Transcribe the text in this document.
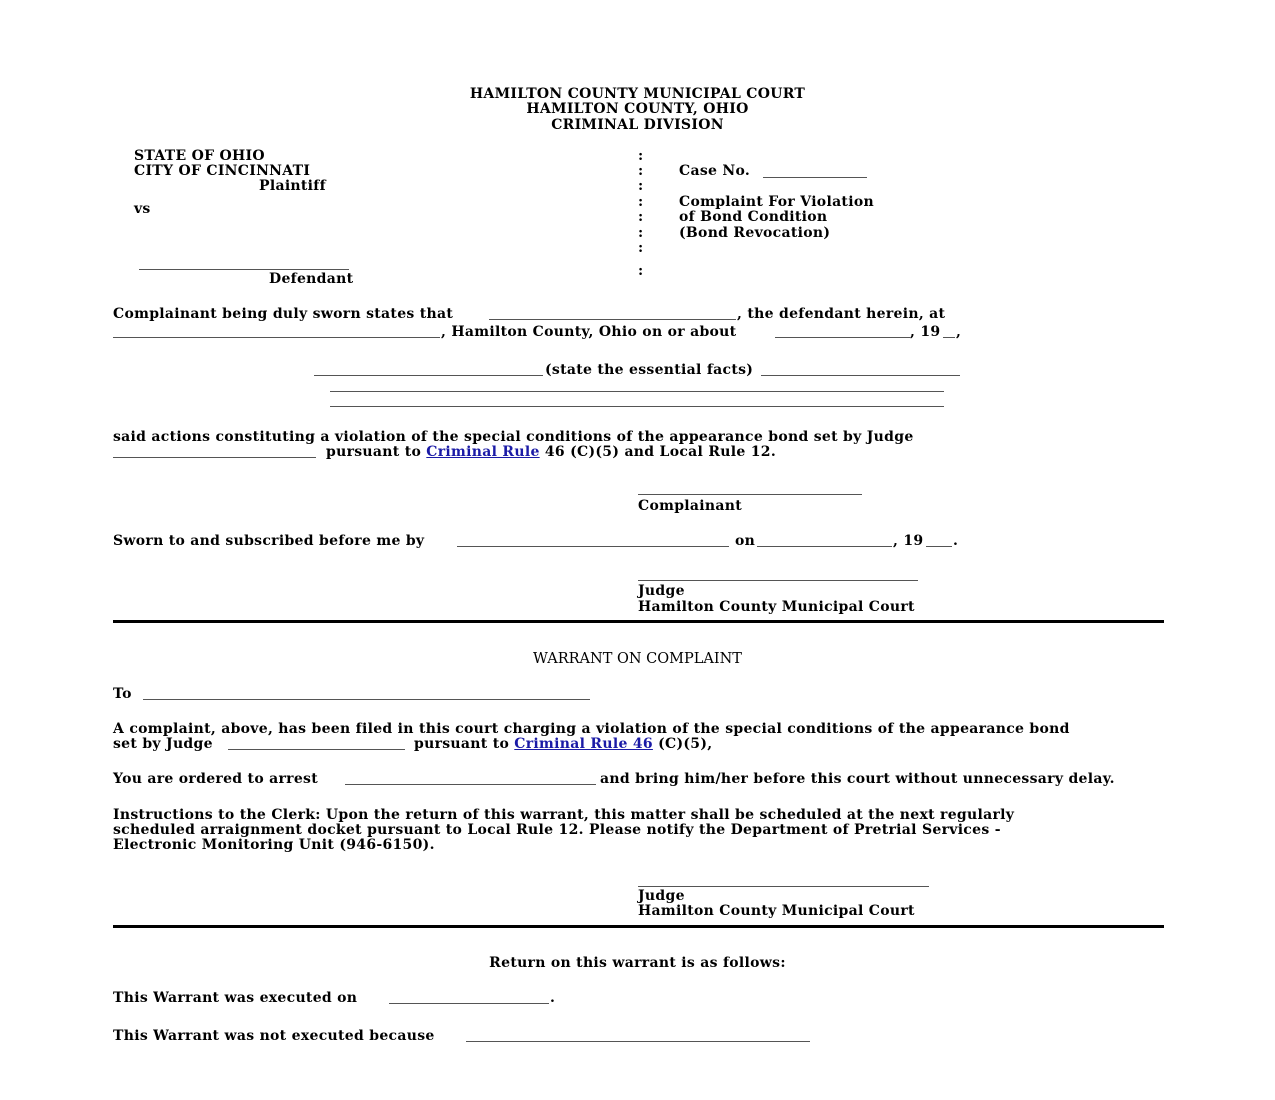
HAMILTON COUNTY MUNICIPAL COURT
HAMILTON COUNTY, OHIO
CRIMINAL DIVISION
STATE OF OHIO
CITY OF CINCINNATI
Plaintiff
vs
Defendant
:
:
:
:
:
:
:
:
Case No.
Complaint For Violation
of Bond Condition
(Bond Revocation)
Complainant being duly sworn states that	, the defendant herein, at
, Hamilton County, Ohio on or about	, 19 ,
(state the essential facts)
said actions constituting a violation of the special conditions of the appearance bond set by Judge
pursuant to Criminal Rule 46 (C)(5) and Local Rule 12.
Complainant
Sworn to and subscribed before me by	on	, 19 .
Judge
Hamilton County Municipal Court
WARRANT ON COMPLAINT
To
A complaint, above, has been filed in this court charging a violation of the special conditions of the appearance bond
set by Judge	pursuant to Criminal Rule 46 (C)(5),
You are ordered to arrest	and bring him/her before this court without unnecessary delay.
Instructions to the Clerk: Upon the return of this warrant, this matter shall be scheduled at the next regularly
scheduled arraignment docket pursuant to Local Rule 12. Please notify the Department of Pretrial Services -
Electronic Monitoring Unit (946-6150).
Judge
Hamilton County Municipal Court
Return on this warrant is as follows:
This Warrant was executed on	.
This Warrant was not executed because
